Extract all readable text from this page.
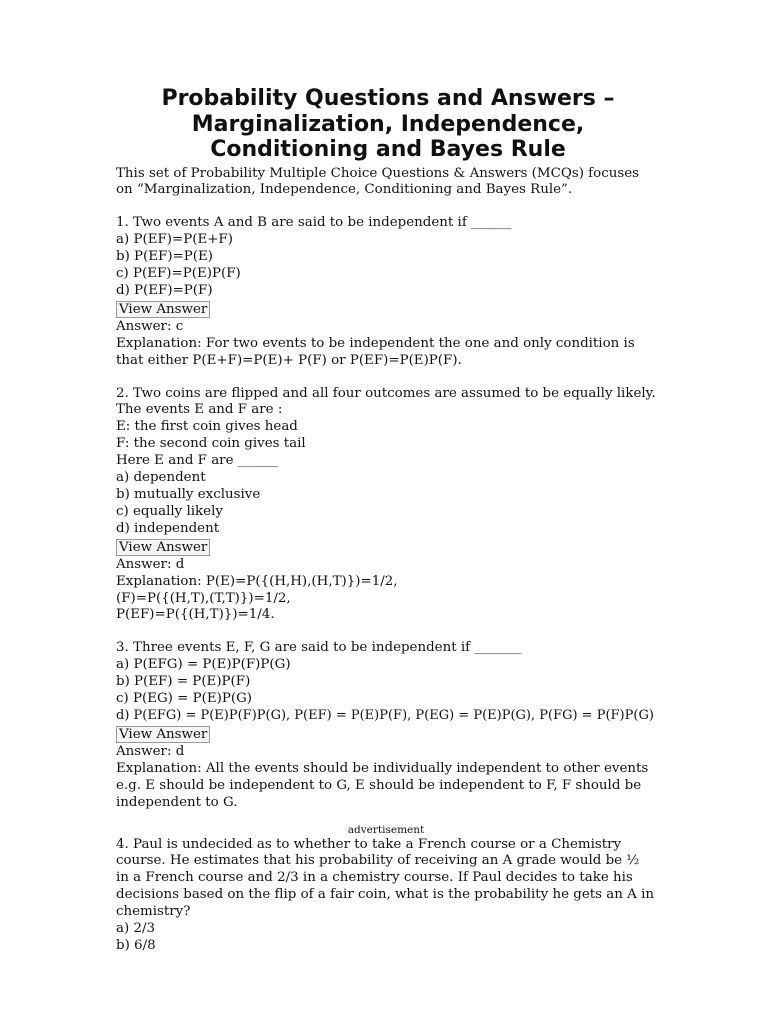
Probability Questions and Answers – Marginalization, Independence, Conditioning and Bayes Rule
This set of Probability Multiple Choice Questions & Answers (MCQs) focuses on “Marginalization, Independence, Conditioning and Bayes Rule”.
1. Two events A and B are said to be independent if ______
a) P(EF)=P(E+F)
b) P(EF)=P(E)
c) P(EF)=P(E)P(F)
d) P(EF)=P(F)
View Answer
Answer: c
Explanation: For two events to be independent the one and only condition is that either P(E+F)=P(E)+ P(F) or P(EF)=P(E)P(F).
2. Two coins are flipped and all four outcomes are assumed to be equally likely. The events E and F are :
E: the first coin gives head
F: the second coin gives tail
Here E and F are ______
a) dependent
b) mutually exclusive
c) equally likely
d) independent
View Answer
Answer: d
Explanation: P(E)=P({(H,H),(H,T)})=1/2,
(F)=P({(H,T),(T,T)})=1/2,
P(EF)=P({(H,T)})=1/4.
3. Three events E, F, G are said to be independent if _______
a) P(EFG) = P(E)P(F)P(G)
b) P(EF) = P(E)P(F)
c) P(EG) = P(E)P(G)
d) P(EFG) = P(E)P(F)P(G), P(EF) = P(E)P(F), P(EG) = P(E)P(G), P(FG) = P(F)P(G)
View Answer
Answer: d
Explanation: All the events should be individually independent to other events e.g. E should be independent to G, E should be independent to F, F should be independent to G.
advertisement
4. Paul is undecided as to whether to take a French course or a Chemistry course. He estimates that his probability of receiving an A grade would be ½ in a French course and 2/3 in a chemistry course. If Paul decides to take his decisions based on the flip of a fair coin, what is the probability he gets an A in chemistry?
a) 2/3
b) 6/8
